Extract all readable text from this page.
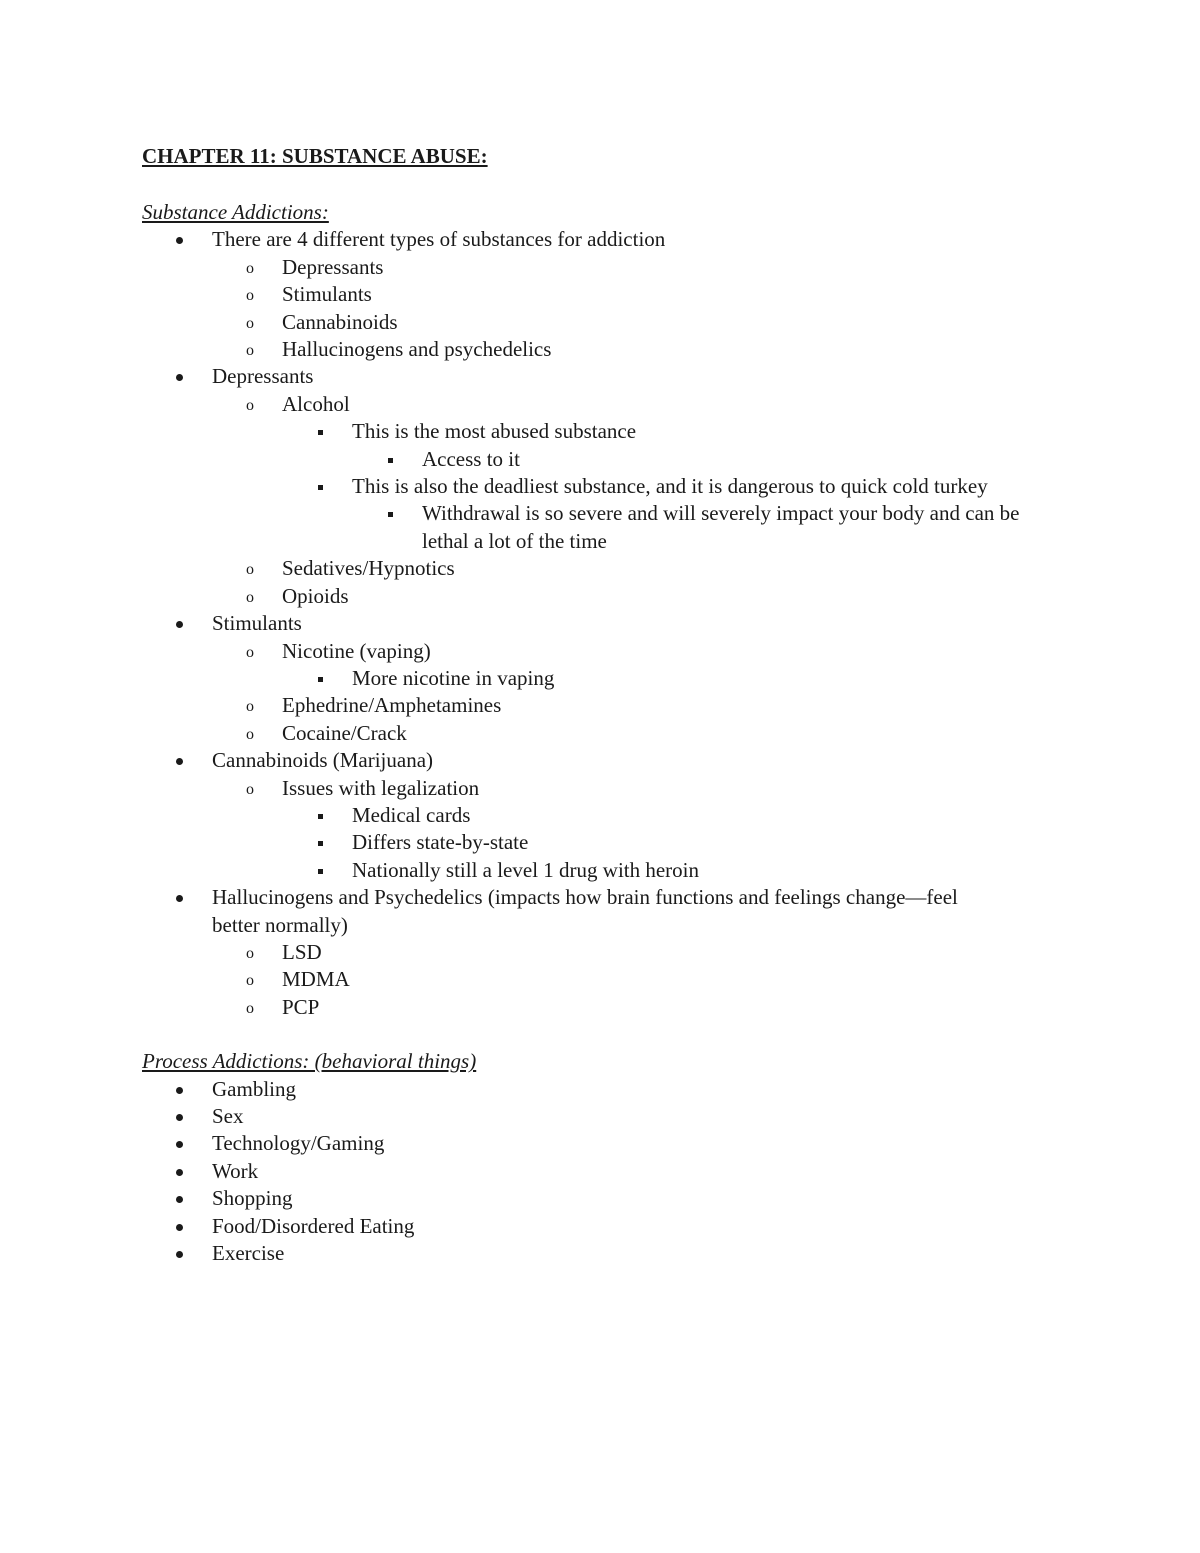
CHAPTER 11: SUBSTANCE ABUSE:

Substance Addictions:

There are 4 different types of substances for addiction
o Depressants
o Stimulants
o Cannabinoids
o Hallucinogens and psychedelics
Depressants
o Alcohol
This is the most abused substance
Access to it
This is also the deadliest substance, and it is dangerous to quick cold turkey
Withdrawal is so severe and will severely impact your body and can be lethal a lot of the time
o Sedatives/Hypnotics
o Opioids
Stimulants
o Nicotine (vaping)
More nicotine in vaping
o Ephedrine/Amphetamines
o Cocaine/Crack
Cannabinoids (Marijuana)
o Issues with legalization
Medical cards
Differs state-by-state
Nationally still a level 1 drug with heroin
Hallucinogens and Psychedelics (impacts how brain functions and feelings change—feel better normally)
o LSD
o MDMA
o PCP

Process Addictions: (behavioral things)

Gambling
Sex
Technology/Gaming
Work
Shopping
Food/Disordered Eating
Exercise
